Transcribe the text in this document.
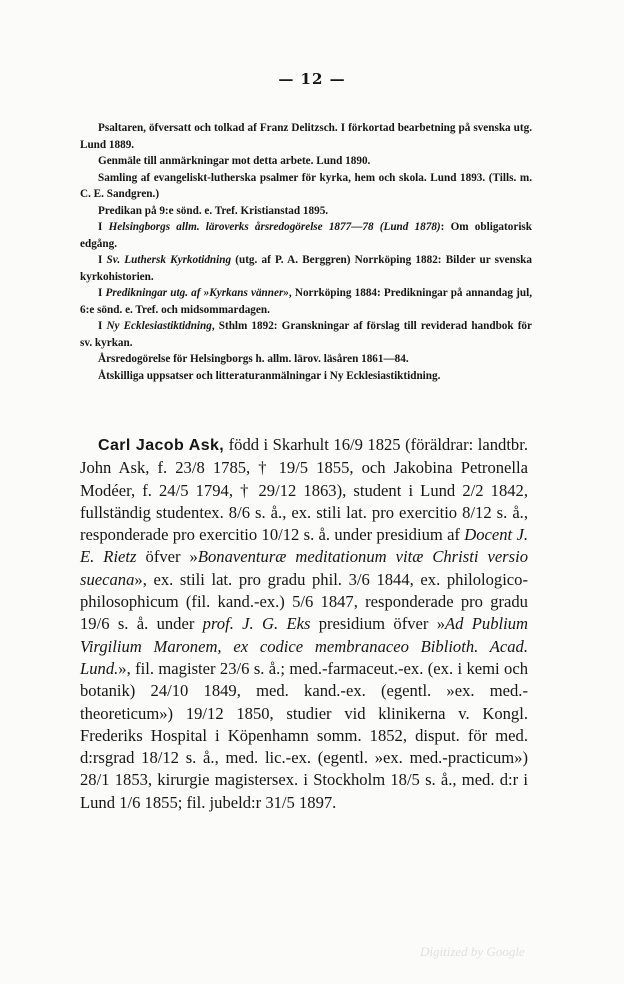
— 12 —

Psaltaren, öfversatt och tolkad af Franz Delitzsch. I förkortad bearbetning på svenska utg. Lund 1889.

Genmäle till anmärkningar mot detta arbete. Lund 1890.

Samling af evangeliskt-lutherska psalmer för kyrka, hem och skola. Lund 1893. (Tills. m. C. E. Sandgren.)

Predikan på 9:e sönd. e. Tref. Kristianstad 1895.

I Helsingborgs allm. läroverks årsredogörelse 1877—78 (Lund 1878): Om obligatorisk edgång.

I Sv. Luthersk Kyrkotidning (utg. af P. A. Berggren) Norrköping 1882: Bilder ur svenska kyrkohistorien.

I Predikningar utg. af »Kyrkans vänner», Norrköping 1884: Predikningar på annandag jul, 6:e sönd. e. Tref. och midsommardagen.

I Ny Ecklesiastiktidning, Sthlm 1892: Granskningar af förslag till reviderad handbok för sv. kyrkan.

Årsredogörelse för Helsingborgs h. allm. lärov. läsåren 1861—84.

Åtskilliga uppsatser och litteraturanmälningar i Ny Ecklesiastiktidning.

Carl Jacob Ask, född i Skarhult 16/9 1825 (föräldrar: landtbr. John Ask, f. 23/8 1785, † 19/5 1855, och Jakobina Petronella Modéer, f. 24/5 1794, † 29/12 1863), student i Lund 2/2 1842, fullständig studentex. 8/6 s. å., ex. stili lat. pro exercitio 8/12 s. å., responderade pro exercitio 10/12 s. å. under presidium af Docent J. E. Rietz öfver »Bonaventuræ meditationum vitæ Christi versio suecana», ex. stili lat. pro gradu phil. 3/6 1844, ex. philologico-philosophicum (fil. kand.-ex.) 5/6 1847, responderade pro gradu 19/6 s. å. under prof. J. G. Eks presidium öfver »Ad Publium Virgilium Maronem, ex codice membranaceo Biblioth. Acad. Lund.», fil. magister 23/6 s. å.; med.-farmaceut.-ex. (ex. i kemi och botanik) 24/10 1849, med. kand.-ex. (egentl. »ex. med.-theoreticum») 19/12 1850, studier vid klinikerna v. Kongl. Frederiks Hospital i Köpenhamn somm. 1852, disput. för med. d:rsgrad 18/12 s. å., med. lic.-ex. (egentl. »ex. med.-practicum») 28/1 1853, kirurgie magistersex. i Stockholm 18/5 s. å., med. d:r i Lund 1/6 1855; fil. jubeld:r 31/5 1897.

Digitized by Google
